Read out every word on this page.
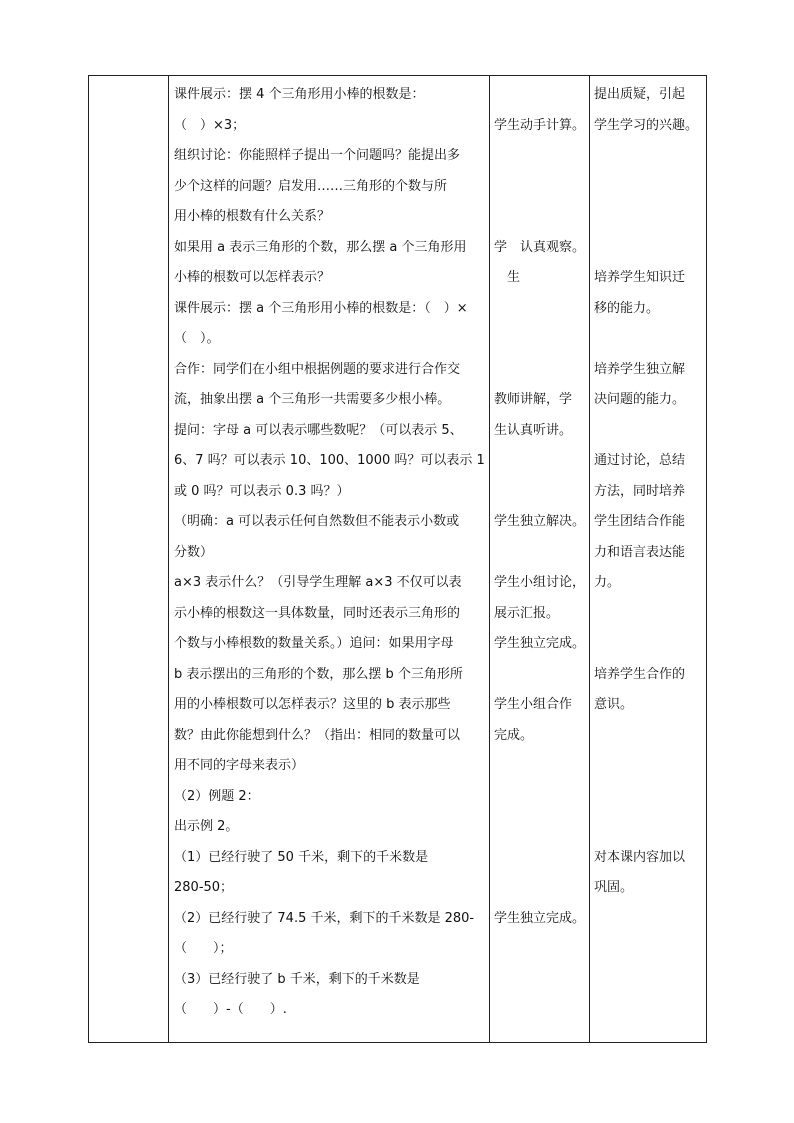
课件展示：摆 4 个三角形用小棒的根数是：
（　）×3；
组织讨论：你能照样子提出一个问题吗？能提出多
少个这样的问题？启发用……三角形的个数与所
用小棒的根数有什么关系？
如果用 a 表示三角形的个数，那么摆 a 个三角形用
小棒的根数可以怎样表示？
课件展示：摆 a 个三角形用小棒的根数是：（　）×
（　）。
合作：同学们在小组中根据例题的要求进行合作交
流，抽象出摆 a 个三角形一共需要多少根小棒。
提问：字母 a 可以表示哪些数呢？（可以表示 5、
6、7 吗？可以表示 10、100、1000 吗？可以表示 1
或 0 吗？可以表示 0.3 吗？）
（明确：a 可以表示任何自然数但不能表示小数或
分数）
a×3 表示什么？（引导学生理解 a×3 不仅可以表
示小棒的根数这一具体数量，同时还表示三角形的
个数与小棒根数的数量关系。）追问：如果用字母
b 表示摆出的三角形的个数，那么摆 b 个三角形所
用的小棒根数可以怎样表示？这里的 b 表示那些
数？由此你能想到什么？（指出：相同的数量可以
用不同的字母来表示）
（2）例题 2：
出示例 2。
（1）已经行驶了 50 千米，剩下的千米数是
280-50；
（2）已经行驶了 74.5 千米，剩下的千米数是 280-
（　　）；
（3）已经行驶了 b 千米，剩下的千米数是
（　　）-（　　）.
学生动手计算。
学　认真观察。
　生
教师讲解，学
生认真听讲。
学生独立解决。
学生小组讨论，
展示汇报。
学生独立完成。
学生小组合作
完成。
学生独立完成。
提出质疑，引起
学生学习的兴趣。
培养学生知识迁
移的能力。
培养学生独立解
决问题的能力。
通过讨论，总结
方法，同时培养
学生团结合作能
力和语言表达能
力。
培养学生合作的
意识。
对本课内容加以
巩固。
